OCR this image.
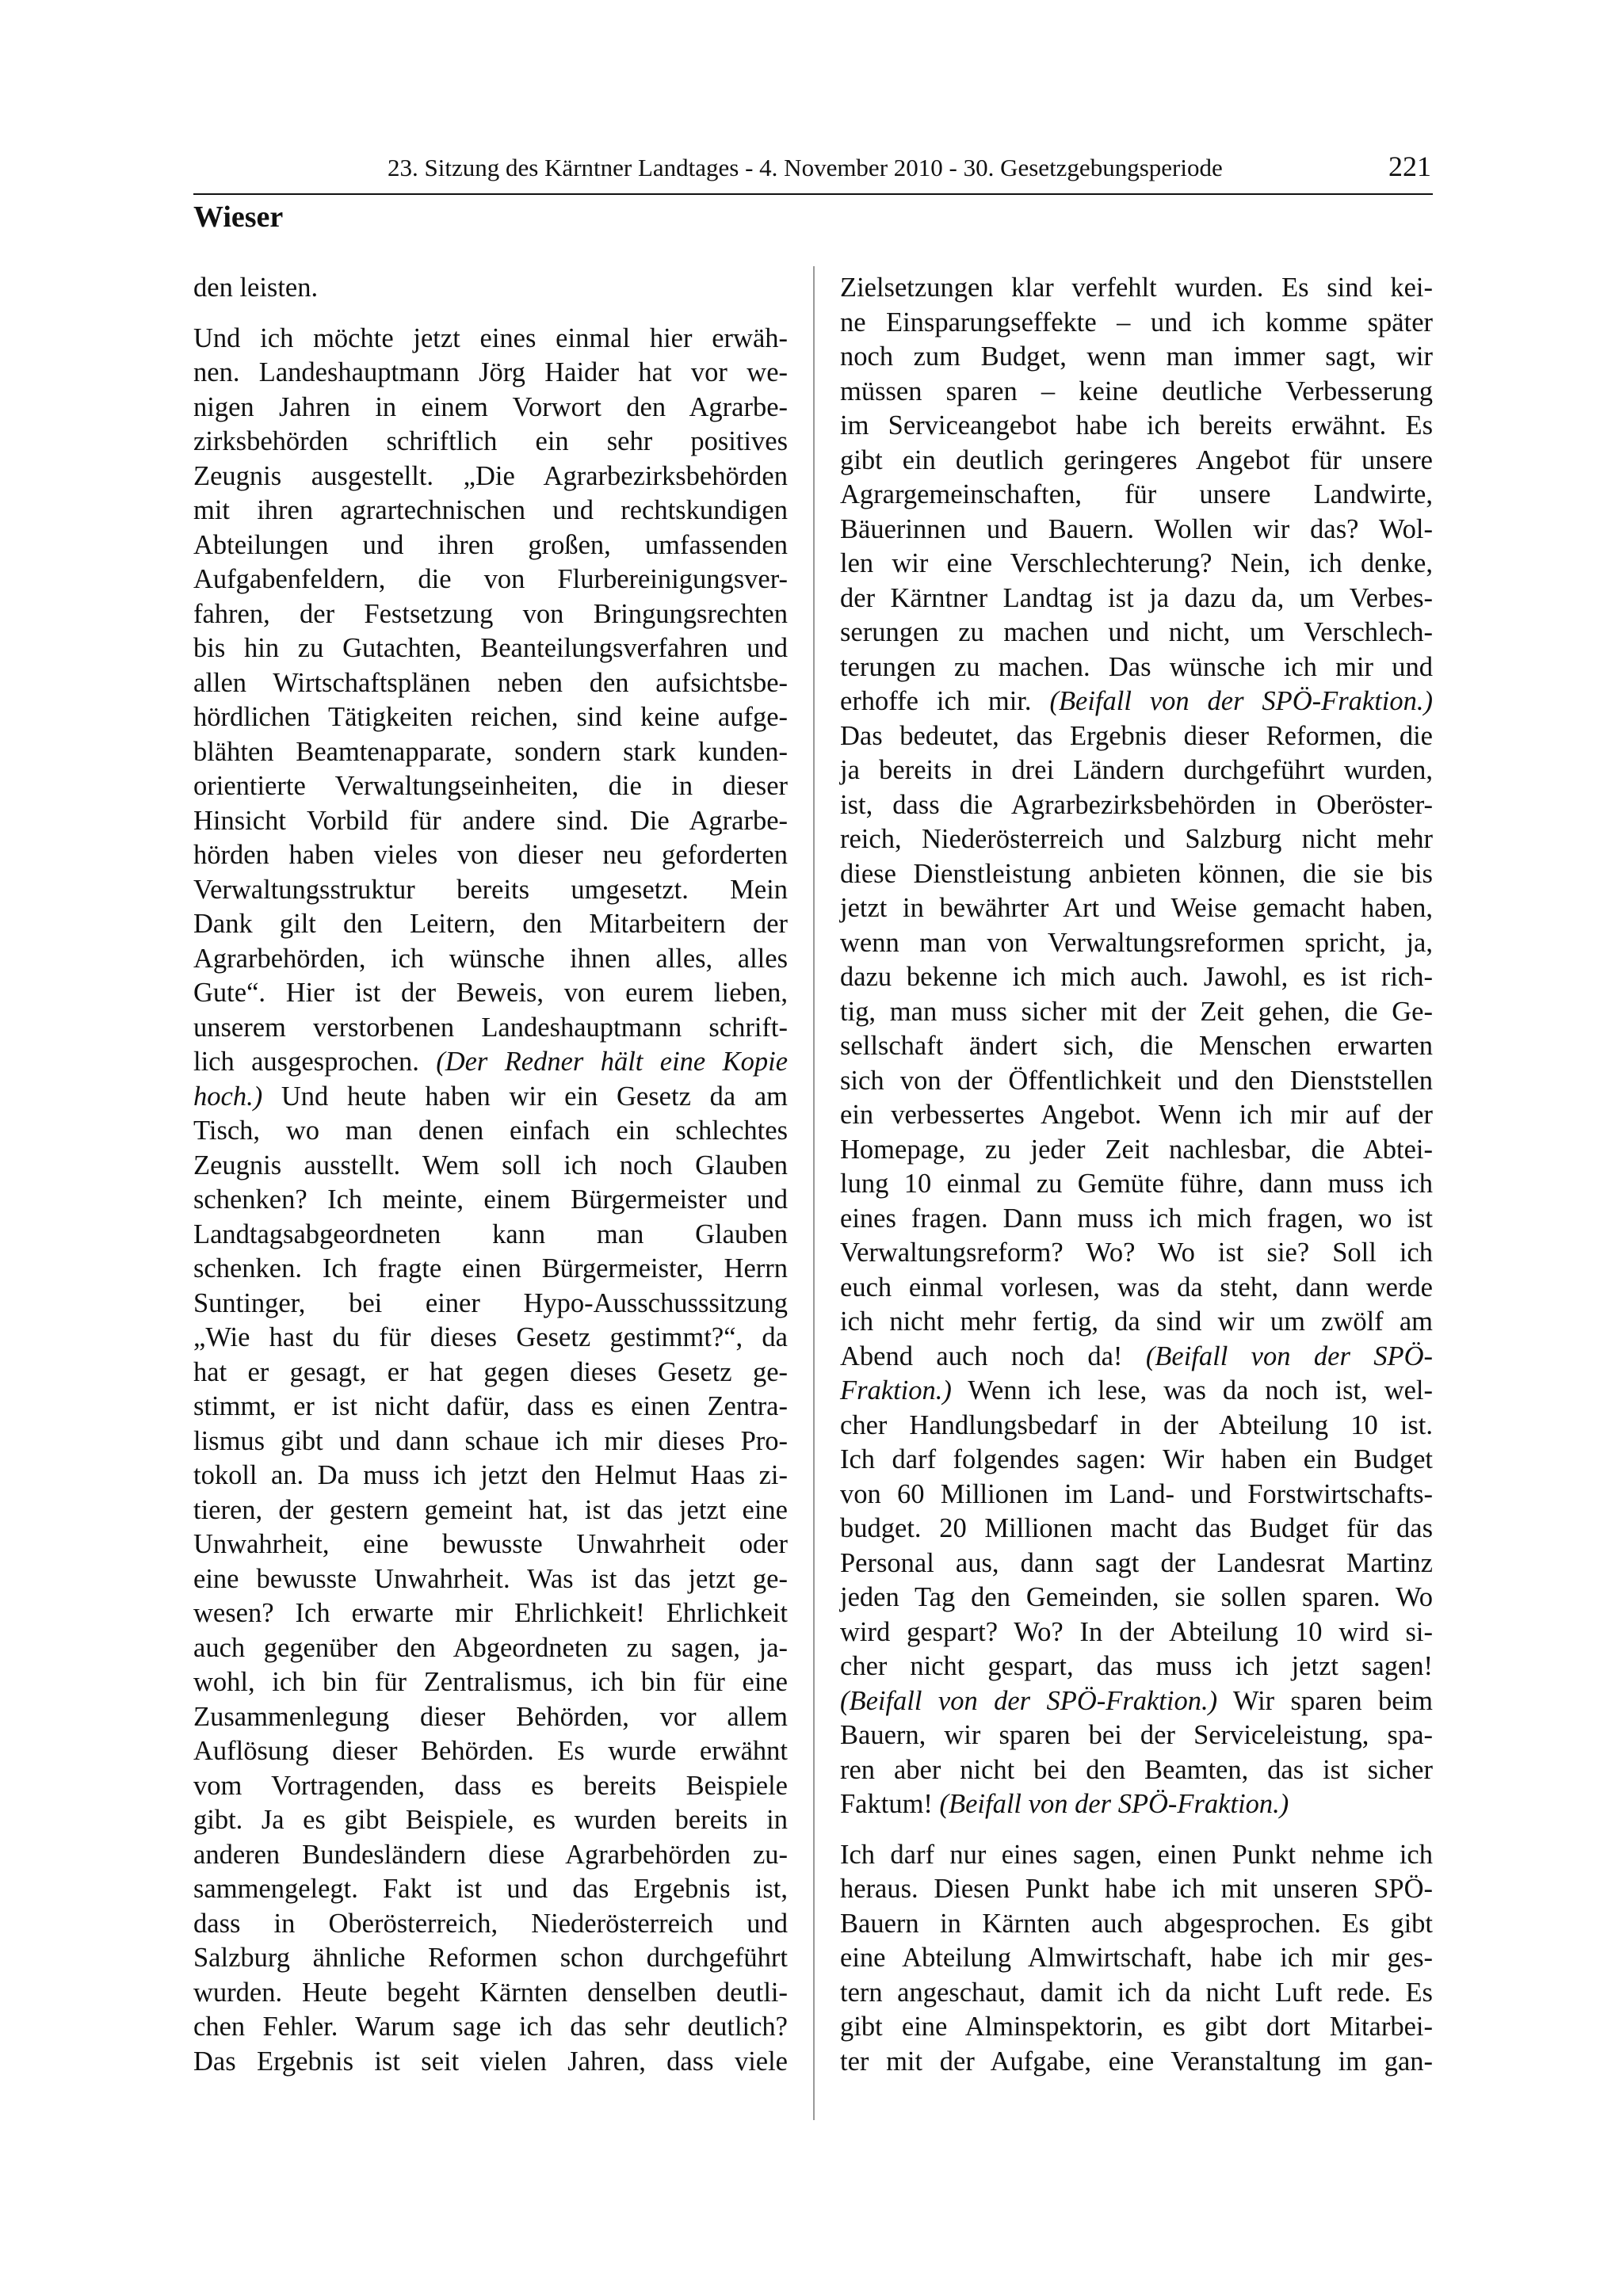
23. Sitzung des Kärntner Landtages - 4. November 2010 - 30. Gesetzgebungsperiode	221
Wieser
den leisten.
Und ich möchte jetzt eines einmal hier erwäh-
nen. Landeshauptmann Jörg Haider hat vor we-
nigen Jahren in einem Vorwort den Agrarbe-
zirksbehörden schriftlich ein sehr positives
Zeugnis ausgestellt. „Die Agrarbezirksbehörden
mit ihren agrartechnischen und rechtskundigen
Abteilungen und ihren großen, umfassenden
Aufgabenfeldern, die von Flurbereinigungsver-
fahren, der Festsetzung von Bringungsrechten
bis hin zu Gutachten, Beanteilungsverfahren und
allen Wirtschaftsplänen neben den aufsichtsbe-
hördlichen Tätigkeiten reichen, sind keine aufge-
blähten Beamtenapparate, sondern stark kunden-
orientierte Verwaltungseinheiten, die in dieser
Hinsicht Vorbild für andere sind. Die Agrarbe-
hörden haben vieles von dieser neu geforderten
Verwaltungsstruktur bereits umgesetzt. Mein
Dank gilt den Leitern, den Mitarbeitern der
Agrarbehörden, ich wünsche ihnen alles, alles
Gute“. Hier ist der Beweis, von eurem lieben,
unserem verstorbenen Landeshauptmann schrift-
lich ausgesprochen. (Der Redner hält eine Kopie
hoch.) Und heute haben wir ein Gesetz da am
Tisch, wo man denen einfach ein schlechtes
Zeugnis ausstellt. Wem soll ich noch Glauben
schenken? Ich meinte, einem Bürgermeister und
Landtagsabgeordneten kann man Glauben
schenken. Ich fragte einen Bürgermeister, Herrn
Suntinger, bei einer Hypo-Ausschusssitzung
„Wie hast du für dieses Gesetz gestimmt?“, da
hat er gesagt, er hat gegen dieses Gesetz ge-
stimmt, er ist nicht dafür, dass es einen Zentra-
lismus gibt und dann schaue ich mir dieses Pro-
tokoll an. Da muss ich jetzt den Helmut Haas zi-
tieren, der gestern gemeint hat, ist das jetzt eine
Unwahrheit, eine bewusste Unwahrheit oder
eine bewusste Unwahrheit. Was ist das jetzt ge-
wesen? Ich erwarte mir Ehrlichkeit! Ehrlichkeit
auch gegenüber den Abgeordneten zu sagen, ja-
wohl, ich bin für Zentralismus, ich bin für eine
Zusammenlegung dieser Behörden, vor allem
Auflösung dieser Behörden. Es wurde erwähnt
vom Vortragenden, dass es bereits Beispiele
gibt. Ja es gibt Beispiele, es wurden bereits in
anderen Bundesländern diese Agrarbehörden zu-
sammengelegt. Fakt ist und das Ergebnis ist,
dass in Oberösterreich, Niederösterreich und
Salzburg ähnliche Reformen schon durchgeführt
wurden. Heute begeht Kärnten denselben deutli-
chen Fehler. Warum sage ich das sehr deutlich?
Das Ergebnis ist seit vielen Jahren, dass viele
Zielsetzungen klar verfehlt wurden. Es sind kei-
ne Einsparungseffekte – und ich komme später
noch zum Budget, wenn man immer sagt, wir
müssen sparen – keine deutliche Verbesserung
im Serviceangebot habe ich bereits erwähnt. Es
gibt ein deutlich geringeres Angebot für unsere
Agrargemeinschaften, für unsere Landwirte,
Bäuerinnen und Bauern. Wollen wir das? Wol-
len wir eine Verschlechterung? Nein, ich denke,
der Kärntner Landtag ist ja dazu da, um Verbes-
serungen zu machen und nicht, um Verschlech-
terungen zu machen. Das wünsche ich mir und
erhoffe ich mir. (Beifall von der SPÖ-Fraktion.)
Das bedeutet, das Ergebnis dieser Reformen, die
ja bereits in drei Ländern durchgeführt wurden,
ist, dass die Agrarbezirksbehörden in Oberöster-
reich, Niederösterreich und Salzburg nicht mehr
diese Dienstleistung anbieten können, die sie bis
jetzt in bewährter Art und Weise gemacht haben,
wenn man von Verwaltungsreformen spricht, ja,
dazu bekenne ich mich auch. Jawohl, es ist rich-
tig, man muss sicher mit der Zeit gehen, die Ge-
sellschaft ändert sich, die Menschen erwarten
sich von der Öffentlichkeit und den Dienststellen
ein verbessertes Angebot. Wenn ich mir auf der
Homepage, zu jeder Zeit nachlesbar, die Abtei-
lung 10 einmal zu Gemüte führe, dann muss ich
eines fragen. Dann muss ich mich fragen, wo ist
Verwaltungsreform? Wo? Wo ist sie? Soll ich
euch einmal vorlesen, was da steht, dann werde
ich nicht mehr fertig, da sind wir um zwölf am
Abend auch noch da! (Beifall von der SPÖ-
Fraktion.) Wenn ich lese, was da noch ist, wel-
cher Handlungsbedarf in der Abteilung 10 ist.
Ich darf folgendes sagen: Wir haben ein Budget
von 60 Millionen im Land- und Forstwirtschafts-
budget. 20 Millionen macht das Budget für das
Personal aus, dann sagt der Landesrat Martinz
jeden Tag den Gemeinden, sie sollen sparen. Wo
wird gespart? Wo? In der Abteilung 10 wird si-
cher nicht gespart, das muss ich jetzt sagen!
(Beifall von der SPÖ-Fraktion.) Wir sparen beim
Bauern, wir sparen bei der Serviceleistung, spa-
ren aber nicht bei den Beamten, das ist sicher
Faktum! (Beifall von der SPÖ-Fraktion.)
Ich darf nur eines sagen, einen Punkt nehme ich
heraus. Diesen Punkt habe ich mit unseren SPÖ-
Bauern in Kärnten auch abgesprochen. Es gibt
eine Abteilung Almwirtschaft, habe ich mir ges-
tern angeschaut, damit ich da nicht Luft rede. Es
gibt eine Alminspektorin, es gibt dort Mitarbei-
ter mit der Aufgabe, eine Veranstaltung im gan-
